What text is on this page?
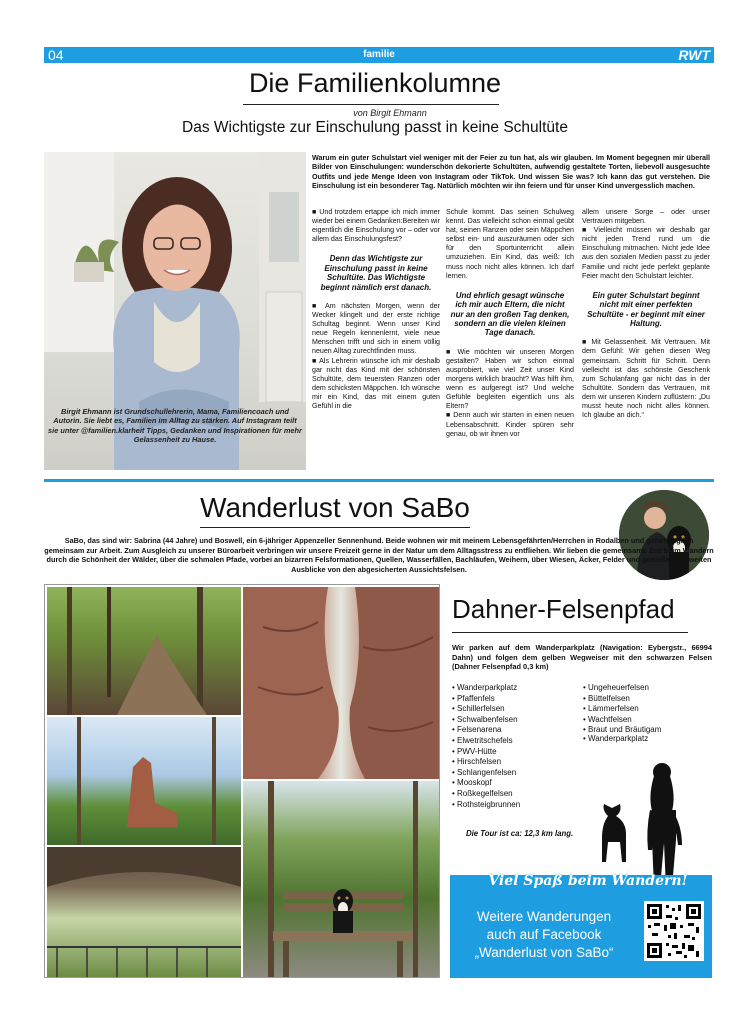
04	familie	RWT
Die Familienkolumne
von Birgit Ehmann
Das Wichtigste zur Einschulung passt in keine Schultüte
Birgit Ehmann ist Grundschullehrerin, Mama, Familiencoach und Autorin. Sie liebt es, Familien im Alltag zu stärken. Auf Instagram teilt sie unter @familien.klarheit Tipps, Gedanken und Inspirationen für mehr Gelassenheit zu Hause.
Warum ein guter Schulstart viel weniger mit der Feier zu tun hat, als wir glauben. Im Moment begegnen mir überall Bilder von Einschulungen: wunderschön dekorierte Schultüten, aufwendig gestaltete Torten, liebevoll ausgesuchte Outfits und jede Menge Ideen von Instagram oder TikTok. Und wissen Sie was? Ich kann das gut verstehen. Die Einschulung ist ein besonderer Tag. Natürlich möchten wir ihn feiern und für unser Kind unvergesslich machen.
■ Und trotzdem ertappe ich mich immer wieder bei einem Gedanken:Bereiten wir eigentlich die Einschulung vor – oder vor allem das Einschulungsfest?
Denn das Wichtigste zur Einschulung passt in keine Schultüte. Das Wichtigste beginnt nämlich erst danach.
■ Am nächsten Morgen, wenn der Wecker klingelt und der erste richtige Schultag beginnt. Wenn unser Kind neue Regeln kennenlernt, viele neue Menschen trifft und sich in einem völlig neuen Alltag zurechtfinden muss.
■ Als Lehrerin wünsche ich mir deshalb gar nicht das Kind mit der schönsten Schultüte, dem teuersten Ranzen oder dem schicksten Mäppchen. Ich wünsche mir ein Kind, das mit einem guten Gefühl in die
Schule kommt. Das seinen Schulweg kennt. Das vielleicht schon einmal geübt hat, seinen Ranzen oder sein Mäppchen selbst ein- und auszuräumen oder sich für den Sportunterricht allein umzuziehen. Ein Kind, das weiß: Ich muss noch nicht alles können. Ich darf lernen.
Und ehrlich gesagt wünsche ich mir auch Eltern, die nicht nur an den großen Tag denken, sondern an die vielen kleinen Tage danach.
■ Wie möchten wir unseren Morgen gestalten? Haben wir schon einmal ausprobiert, wie viel Zeit unser Kind morgens wirklich braucht? Was hilft ihm, wenn es aufgeregt ist? Und welche Gefühle begleiten eigentlich uns als Eltern?
■ Denn auch wir starten in einen neuen Lebensabschnitt. Kinder spüren sehr genau, ob wir ihnen vor
allem unsere Sorge – oder unser Vertrauen mitgeben.
■ Vielleicht müssen wir deshalb gar nicht jeden Trend rund um die Einschulung mitmachen. Nicht jede Idee aus den sozialen Medien passt zu jeder Familie und nicht jede perfekt geplante Feier macht den Schulstart leichter.
Ein guter Schulstart beginnt nicht mit einer perfekten Schultüte - er beginnt mit einer Haltung.
■ Mit Gelassenheit. Mit Vertrauen. Mit dem Gefühl: Wir gehen diesen Weg gemeinsam. Schritt für Schritt. Denn vielleicht ist das schönste Geschenk zum Schulanfang gar nicht das in der Schultüte. Sondern das Vertrauen, mit dem wir unseren Kindern zuflüstern: „Du musst heute noch nicht alles können. Ich glaube an dich.“
Wanderlust von SaBo
SaBo, das sind wir: Sabrina (44 Jahre) und Boswell, ein 6-jähriger Appenzeller Sennenhund. Beide wohnen wir mit meinem Lebensgefährten/Herrchen in Rodalben und gehen täglich gemeinsam zur Arbeit. Zum Ausgleich zu unserer Büroarbeit verbringen wir unsere Freizeit gerne in der Natur um dem Alltagsstress zu entfliehen. Wir lieben die gemeinsame Zeit beim Wandern durch die Schönheit der Wälder, über die schmalen Pfade, vorbei an bizarren Felsformationen, Quellen, Wasserfällen, Bachläufen, Weihern, über Wiesen, Äcker, Felder und genießen die weiten Ausblicke von den abgesicherten Aussichtsfelsen.
Dahner-Felsenpfad
Wir parken auf dem Wanderparkplatz (Navigation: Eybergstr., 66994 Dahn) und folgen dem gelben Wegweiser mit den schwarzen Felsen (Dahner Felsenpfad 0,3 km)
• Wanderparkplatz
• Pfaffenfels
• Schillerfelsen
• Schwalbenfelsen
• Felsenarena
• Elwetritschefels
• PWV-Hütte
• Hirschfelsen
• Schlangenfelsen
• Mooskopf
• Roßkegelfelsen
• Rothsteigbrunnen
• Ungeheuerfelsen
• Büttelfelsen
• Lämmerfelsen
• Wachtfelsen
• Braut und Bräutigam
• Wanderparkplatz
Die Tour ist ca: 12,3 km lang.
Viel Spaß beim Wandern!
Weitere Wanderungen
auch auf Facebook
„Wanderlust von SaBo“
